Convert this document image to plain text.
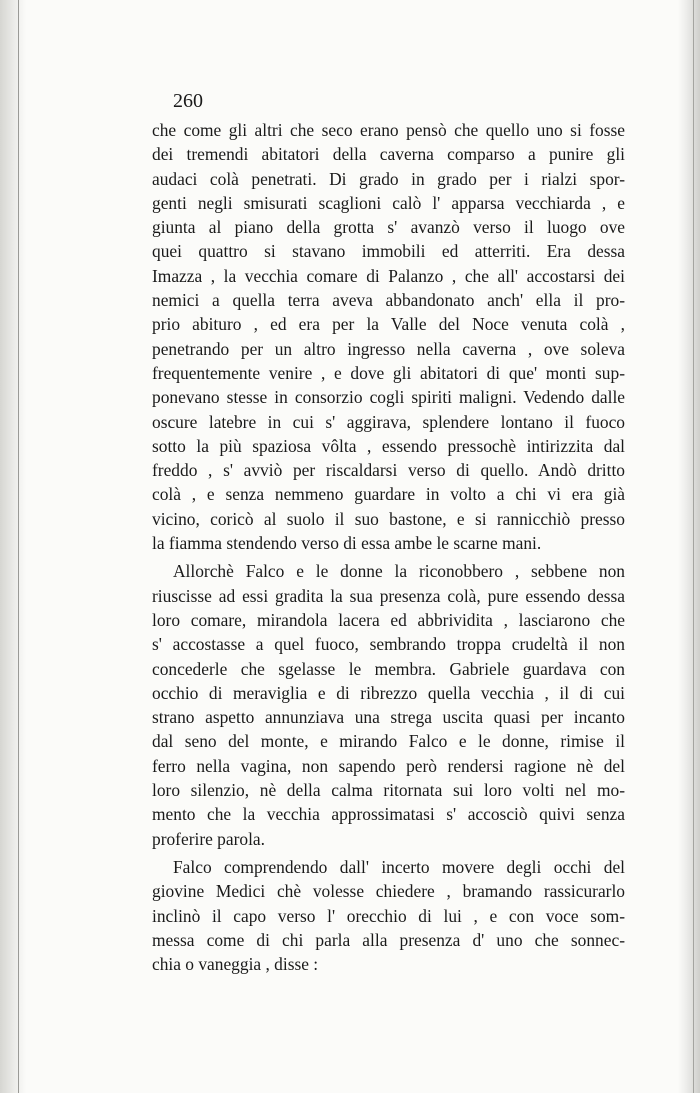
260
che come gli altri che seco erano pensò che quello uno si fosse
dei tremendi abitatori della caverna comparso a punire gli
audaci colà penetrati. Di grado in grado per i rialzi spor-
genti negli smisurati scaglioni calò l' apparsa vecchiarda , e
giunta al piano della grotta s' avanzò verso il luogo ove
quei quattro si stavano immobili ed atterriti. Era dessa
Imazza , la vecchia comare di Palanzo , che all' accostarsi dei
nemici a quella terra aveva abbandonato anch' ella il pro-
prio abituro , ed era per la Valle del Noce venuta colà ,
penetrando per un altro ingresso nella caverna , ove soleva
frequentemente venire , e dove gli abitatori di que' monti sup-
ponevano stesse in consorzio cogli spiriti maligni. Vedendo dalle
oscure latebre in cui s' aggirava, splendere lontano il fuoco
sotto la più spaziosa vôlta , essendo pressochè intirizzita dal
freddo , s' avviò per riscaldarsi verso di quello. Andò dritto
colà , e senza nemmeno guardare in volto a chi vi era già
vicino, coricò al suolo il suo bastone, e si rannicchiò presso
la fiamma stendendo verso di essa ambe le scarne mani.
Allorchè Falco e le donne la riconobbero , sebbene non
riuscisse ad essi gradita la sua presenza colà, pure essendo dessa
loro comare, mirandola lacera ed abbrividita , lasciarono che
s' accostasse a quel fuoco, sembrando troppa crudeltà il non
concederle che sgelasse le membra. Gabriele guardava con
occhio di meraviglia e di ribrezzo quella vecchia , il di cui
strano aspetto annunziava una strega uscita quasi per incanto
dal seno del monte, e mirando Falco e le donne, rimise il
ferro nella vagina, non sapendo però rendersi ragione nè del
loro silenzio, nè della calma ritornata sui loro volti nel mo-
mento che la vecchia approssimatasi s' accosciò quivi senza
proferire parola.
Falco comprendendo dall' incerto movere degli occhi del
giovine Medici chè volesse chiedere , bramando rassicurarlo
inclinò il capo verso l' orecchio di lui , e con voce som-
messa come di chi parla alla presenza d' uno che sonnec-
chia o vaneggia , disse :
